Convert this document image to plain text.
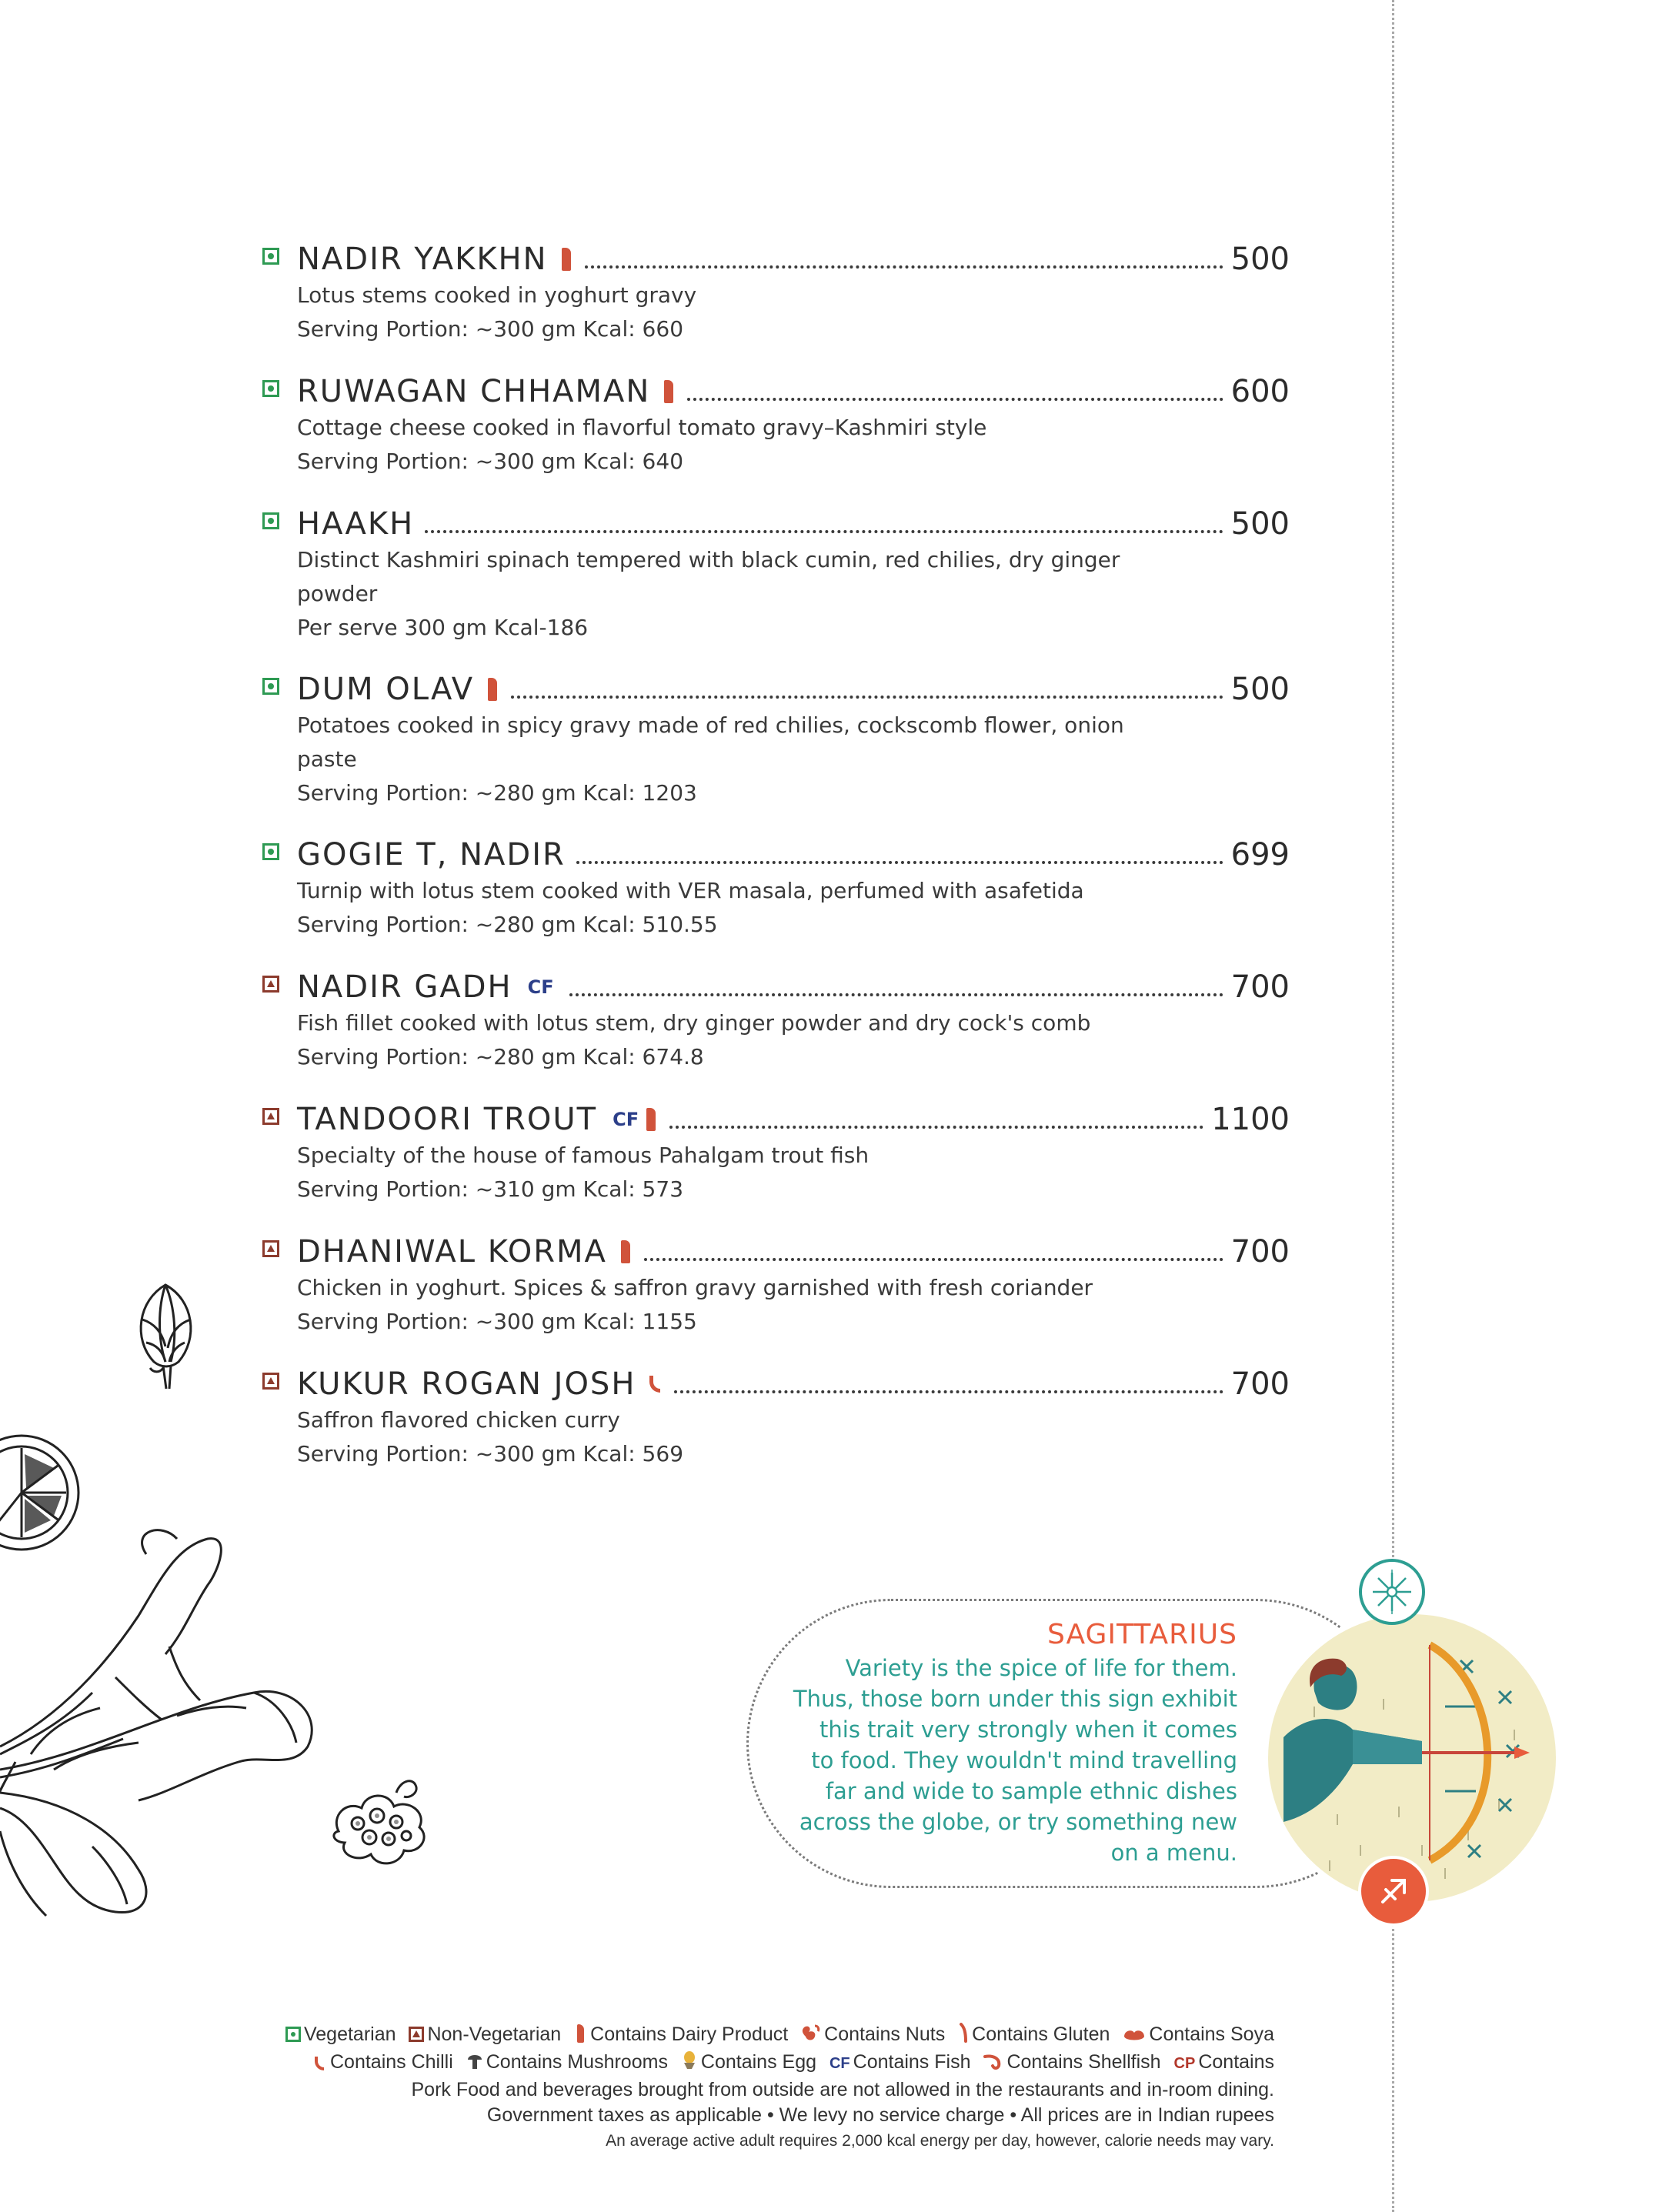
NADIR YAKKHN	500
Lotus stems cooked in yoghurt gravy
Serving Portion: ~300 gm Kcal: 660
RUWAGAN CHHAMAN	600
Cottage cheese cooked in flavorful tomato gravy–Kashmiri style
Serving Portion: ~300 gm Kcal: 640
HAAKH	500
Distinct Kashmiri spinach tempered with black cumin, red chilies, dry ginger
powder
Per serve 300 gm Kcal-186
DUM OLAV	500
Potatoes cooked in spicy gravy made of red chilies, cockscomb flower, onion
paste
Serving Portion: ~280 gm Kcal: 1203
GOGIE T, NADIR	699
Turnip with lotus stem cooked with VER masala, perfumed with asafetida
Serving Portion: ~280 gm Kcal: 510.55
NADIR GADH CF	700
Fish fillet cooked with lotus stem, dry ginger powder and dry cock's comb
Serving Portion: ~280 gm Kcal: 674.8
TANDOORI TROUT CF	1100
Specialty of the house of famous Pahalgam trout fish
Serving Portion: ~310 gm Kcal: 573
DHANIWAL KORMA	700
Chicken in yoghurt. Spices & saffron gravy garnished with fresh coriander
Serving Portion: ~300 gm Kcal: 1155
KUKUR ROGAN JOSH	700
Saffron flavored chicken curry
Serving Portion: ~300 gm Kcal: 569
SAGITTARIUS
Variety is the spice of life for them.
Thus, those born under this sign exhibit
this trait very strongly when it comes
to food. They wouldn't mind travelling
far and wide to sample ethnic dishes
across the globe, or try something new
on a menu.
Vegetarian Non-Vegetarian Contains Dairy Product Contains Nuts Contains Gluten Contains Soya
Contains Chilli Contains Mushrooms Contains Egg CF Contains Fish Contains Shellfish CP Contains
Pork Food and beverages brought from outside are not allowed in the restaurants and in-room dining.
Government taxes as applicable • We levy no service charge • All prices are in Indian rupees
An average active adult requires 2,000 kcal energy per day, however, calorie needs may vary.
